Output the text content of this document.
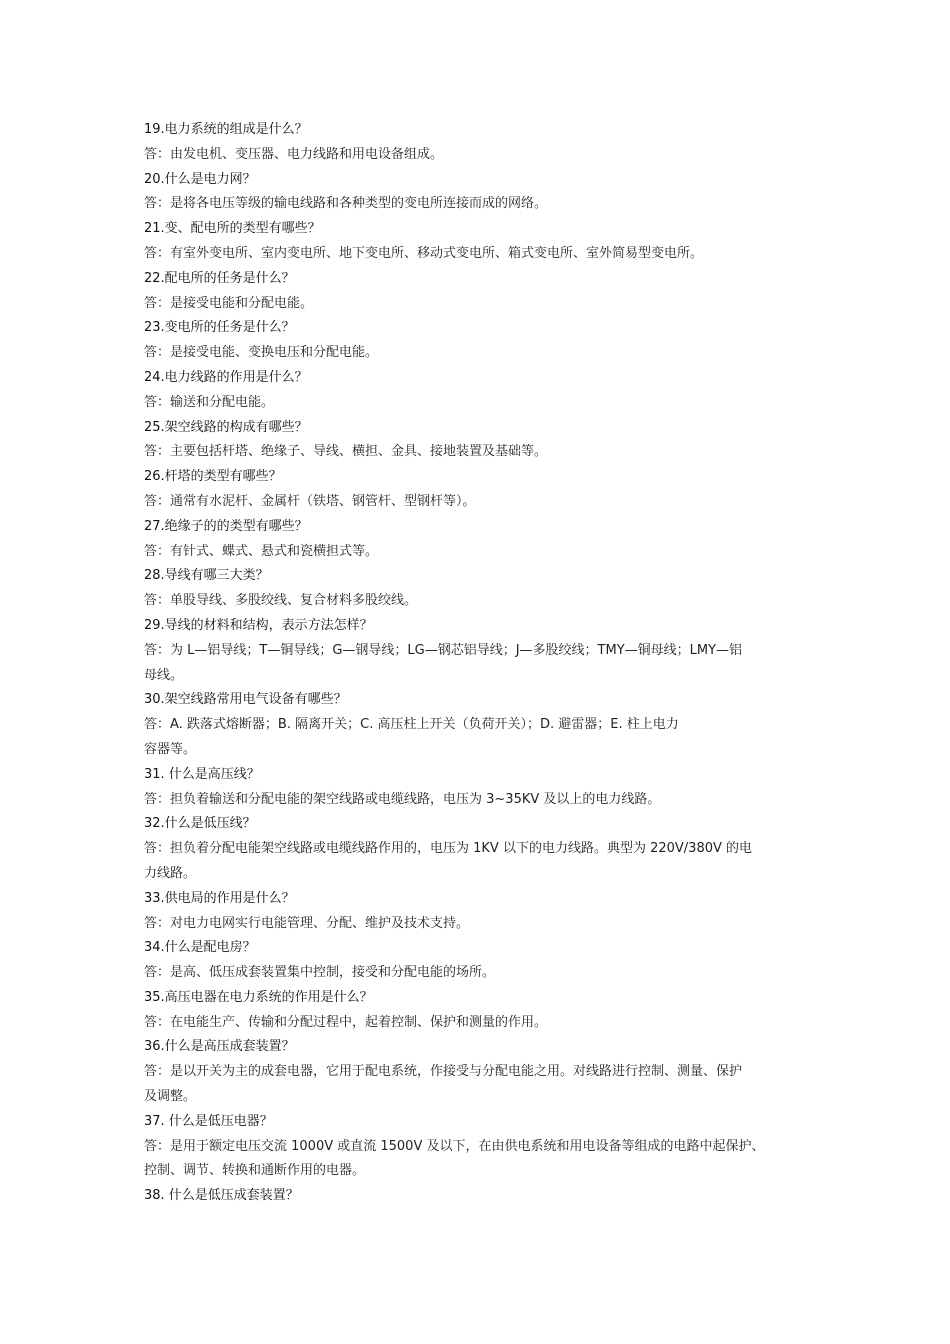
19.电力系统的组成是什么？
答：由发电机、变压器、电力线路和用电设备组成。
20.什么是电力网？
答：是将各电压等级的输电线路和各种类型的变电所连接而成的网络。
21.变、配电所的类型有哪些？
答：有室外变电所、室内变电所、地下变电所、移动式变电所、箱式变电所、室外简易型变电所。
22.配电所的任务是什么？
答：是接受电能和分配电能。
23.变电所的任务是什么？
答：是接受电能、变换电压和分配电能。
24.电力线路的作用是什么？
答：输送和分配电能。
25.架空线路的构成有哪些？
答：主要包括杆塔、绝缘子、导线、横担、金具、接地装置及基础等。
26.杆塔的类型有哪些？
答：通常有水泥杆、金属杆（铁塔、钢管杆、型钢杆等）。
27.绝缘子的的类型有哪些？
答：有针式、蝶式、悬式和瓷横担式等。
28.导线有哪三大类？
答：单股导线、多股绞线、复合材料多股绞线。
29.导线的材料和结构，表示方法怎样？
答：为 L—铝导线；T—铜导线；G—钢导线；LG—钢芯铝导线；J—多股绞线；TMY—铜母线；LMY—铝
母线。
30.架空线路常用电气设备有哪些？
答：A. 跌落式熔断器；B. 隔离开关；C. 高压柱上开关（负荷开关）；D. 避雷器；E. 柱上电力
容器等。
31. 什么是高压线？
答：担负着输送和分配电能的架空线路或电缆线路，电压为 3~35KV 及以上的电力线路。
32.什么是低压线？
答：担负着分配电能架空线路或电缆线路作用的，电压为 1KV 以下的电力线路。典型为 220V/380V 的电
力线路。
33.供电局的作用是什么？
答：对电力电网实行电能管理、分配、维护及技术支持。
34.什么是配电房？
答：是高、低压成套装置集中控制，接受和分配电能的场所。
35.高压电器在电力系统的作用是什么？
答：在电能生产、传输和分配过程中，起着控制、保护和测量的作用。
36.什么是高压成套装置？
答：是以开关为主的成套电器，它用于配电系统，作接受与分配电能之用。对线路进行控制、测量、保护
及调整。
37. 什么是低压电器？
答：是用于额定电压交流 1000V 或直流 1500V 及以下，在由供电系统和用电设备等组成的电路中起保护、
控制、调节、转换和通断作用的电器。
38. 什么是低压成套装置？
